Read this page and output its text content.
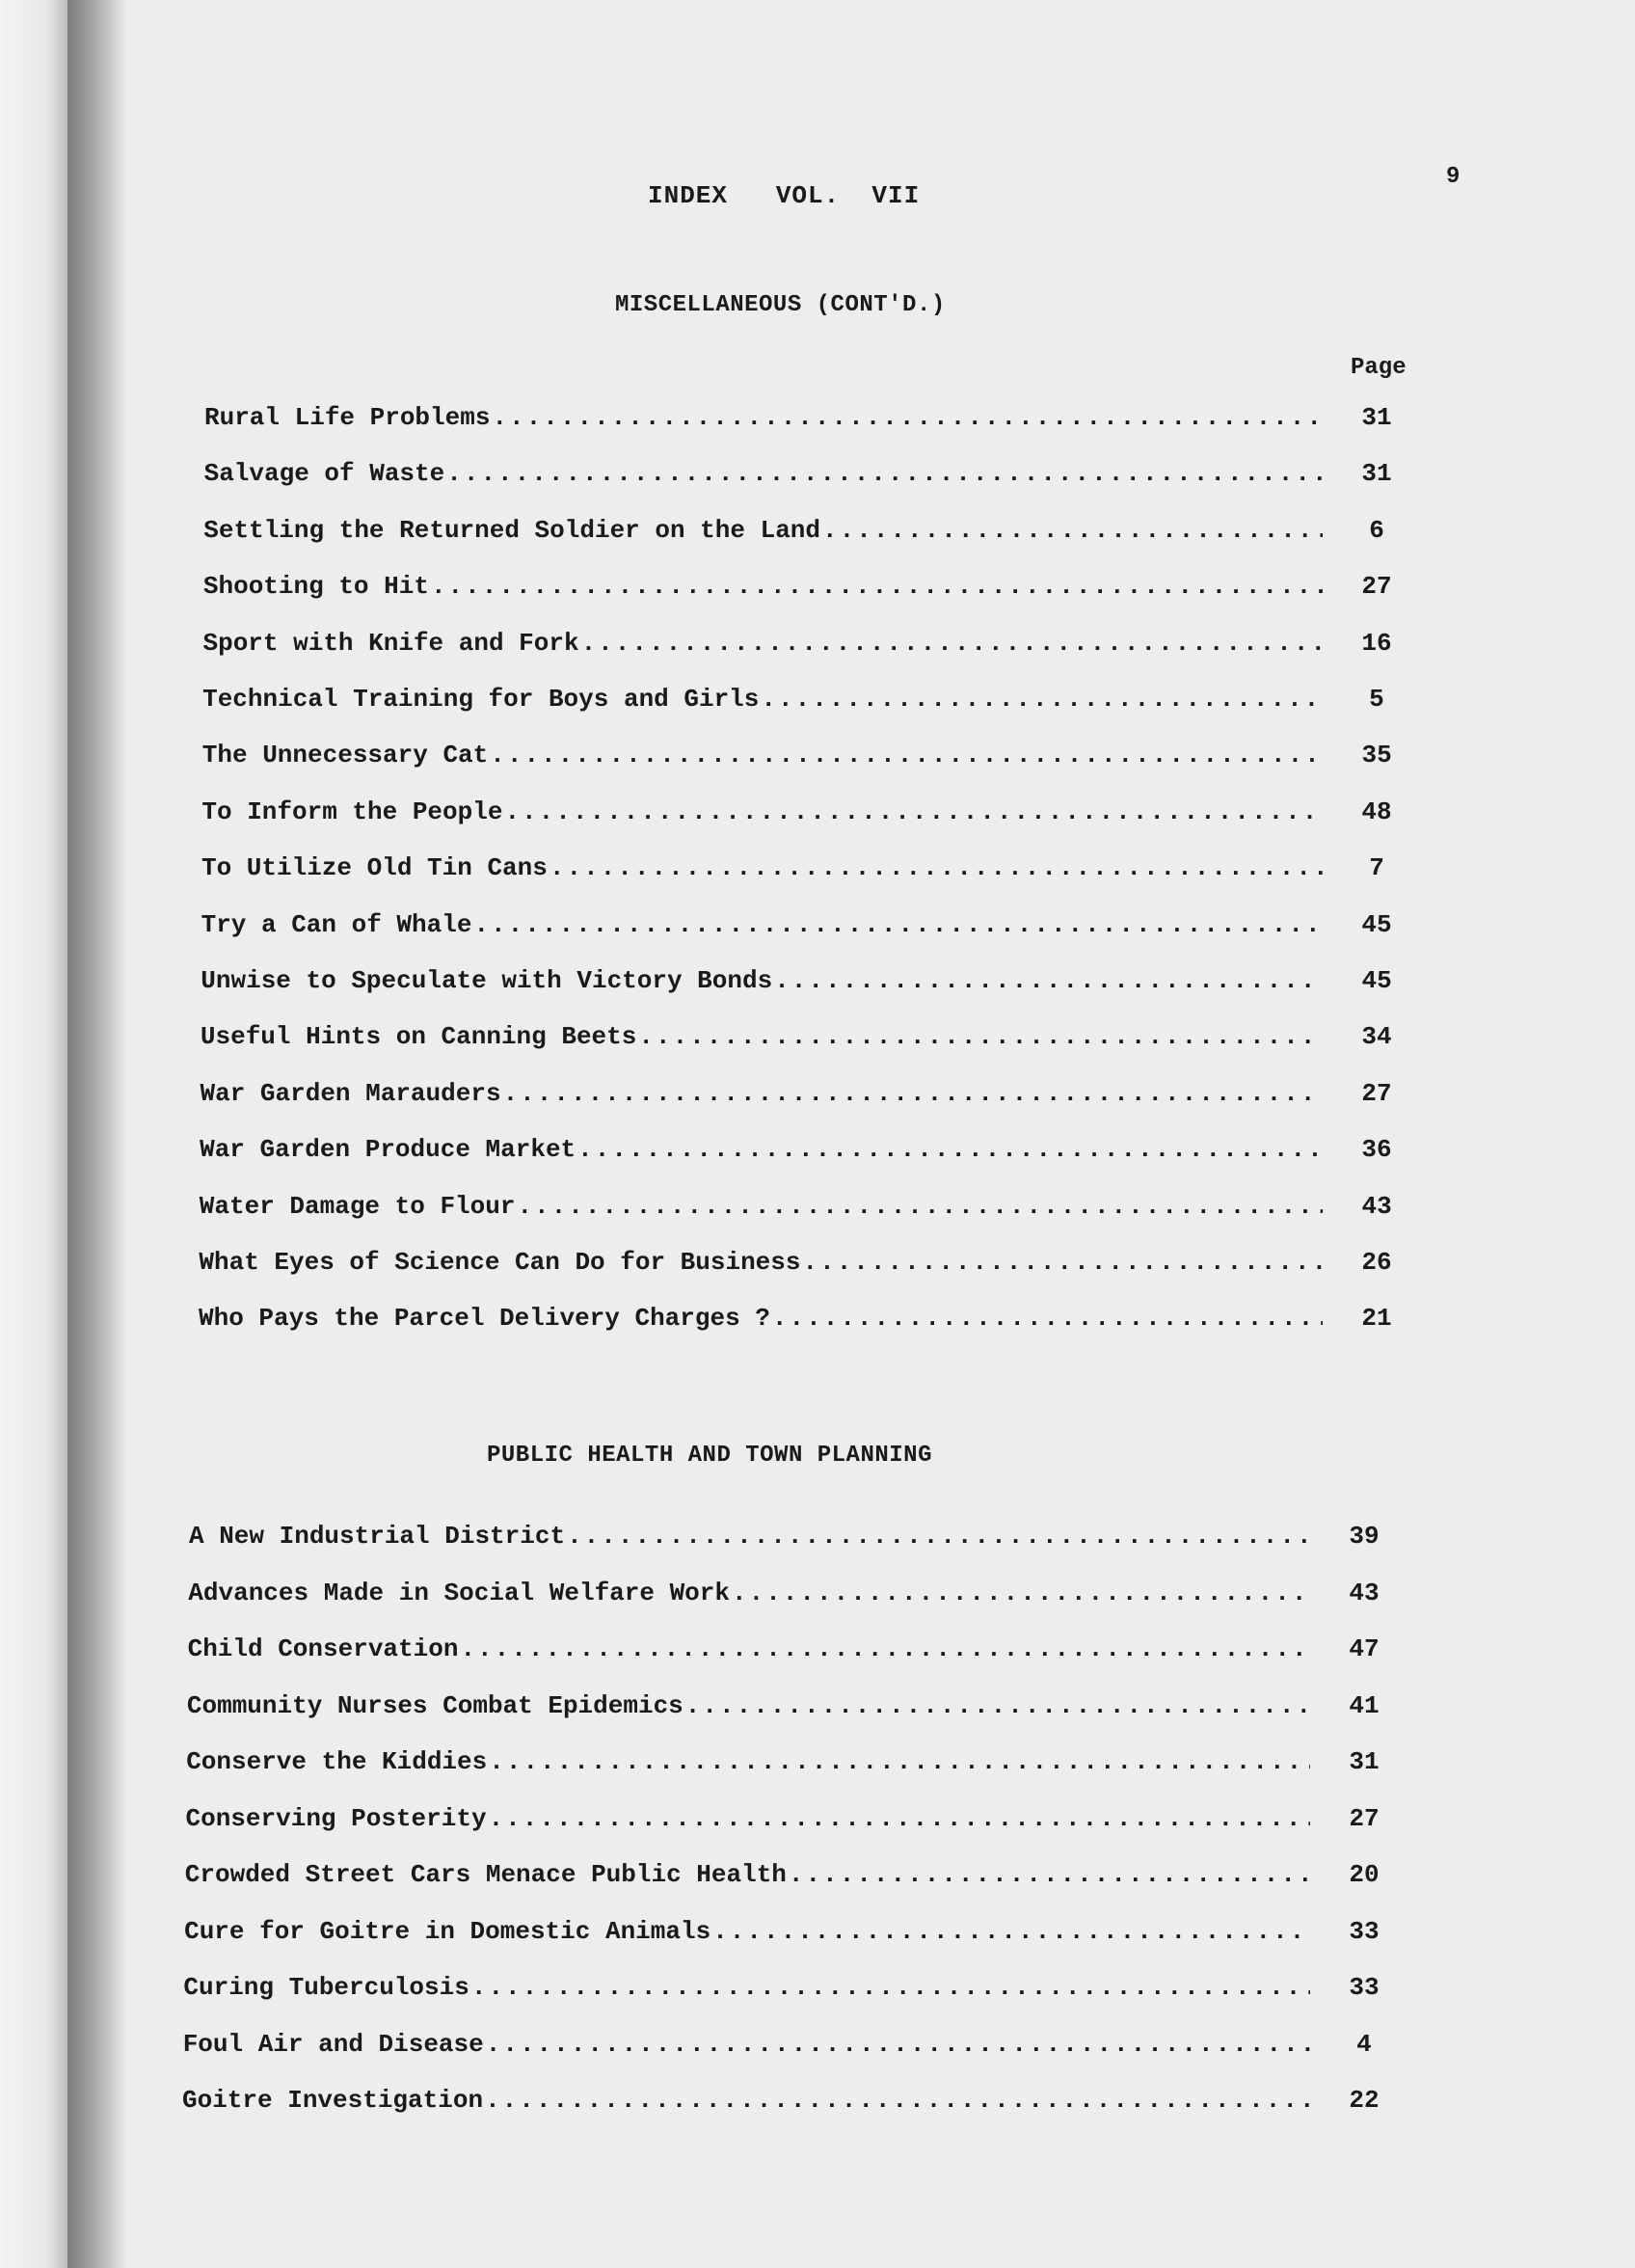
9
INDEX   VOL.  VII
MISCELLANEOUS (CONT'D.)
Page
PUBLIC HEALTH AND TOWN PLANNING
Rural Life Problems .....	31
Salvage of Waste .....	31
Settling the Returned Soldier on the Land .....	6
Shooting to Hit .....	27
Sport with Knife and Fork .....	16
Technical Training for Boys and Girls .....	5
The Unnecessary Cat .....	35
To Inform the People .....	48
To Utilize Old Tin Cans .....	7
Try a Can of Whale .....	45
Unwise to Speculate with Victory Bonds .....	45
Useful Hints on Canning Beets .....	34
War Garden Marauders .....	27
War Garden Produce Market .....	36
Water Damage to Flour .....	43
What Eyes of Science Can Do for Business .....	26
Who Pays the Parcel Delivery Charges ? .....	21
A New Industrial District .....	39
Advances Made in Social Welfare Work .....	43
Child Conservation .....	47
Community Nurses Combat Epidemics .....	41
Conserve the Kiddies .....	31
Conserving Posterity .....	27
Crowded Street Cars Menace Public Health .....	20
Cure for Goitre in Domestic Animals .....	33
Curing Tuberculosis .....	33
Foul Air and Disease .....	4
Goitre Investigation .....	22
